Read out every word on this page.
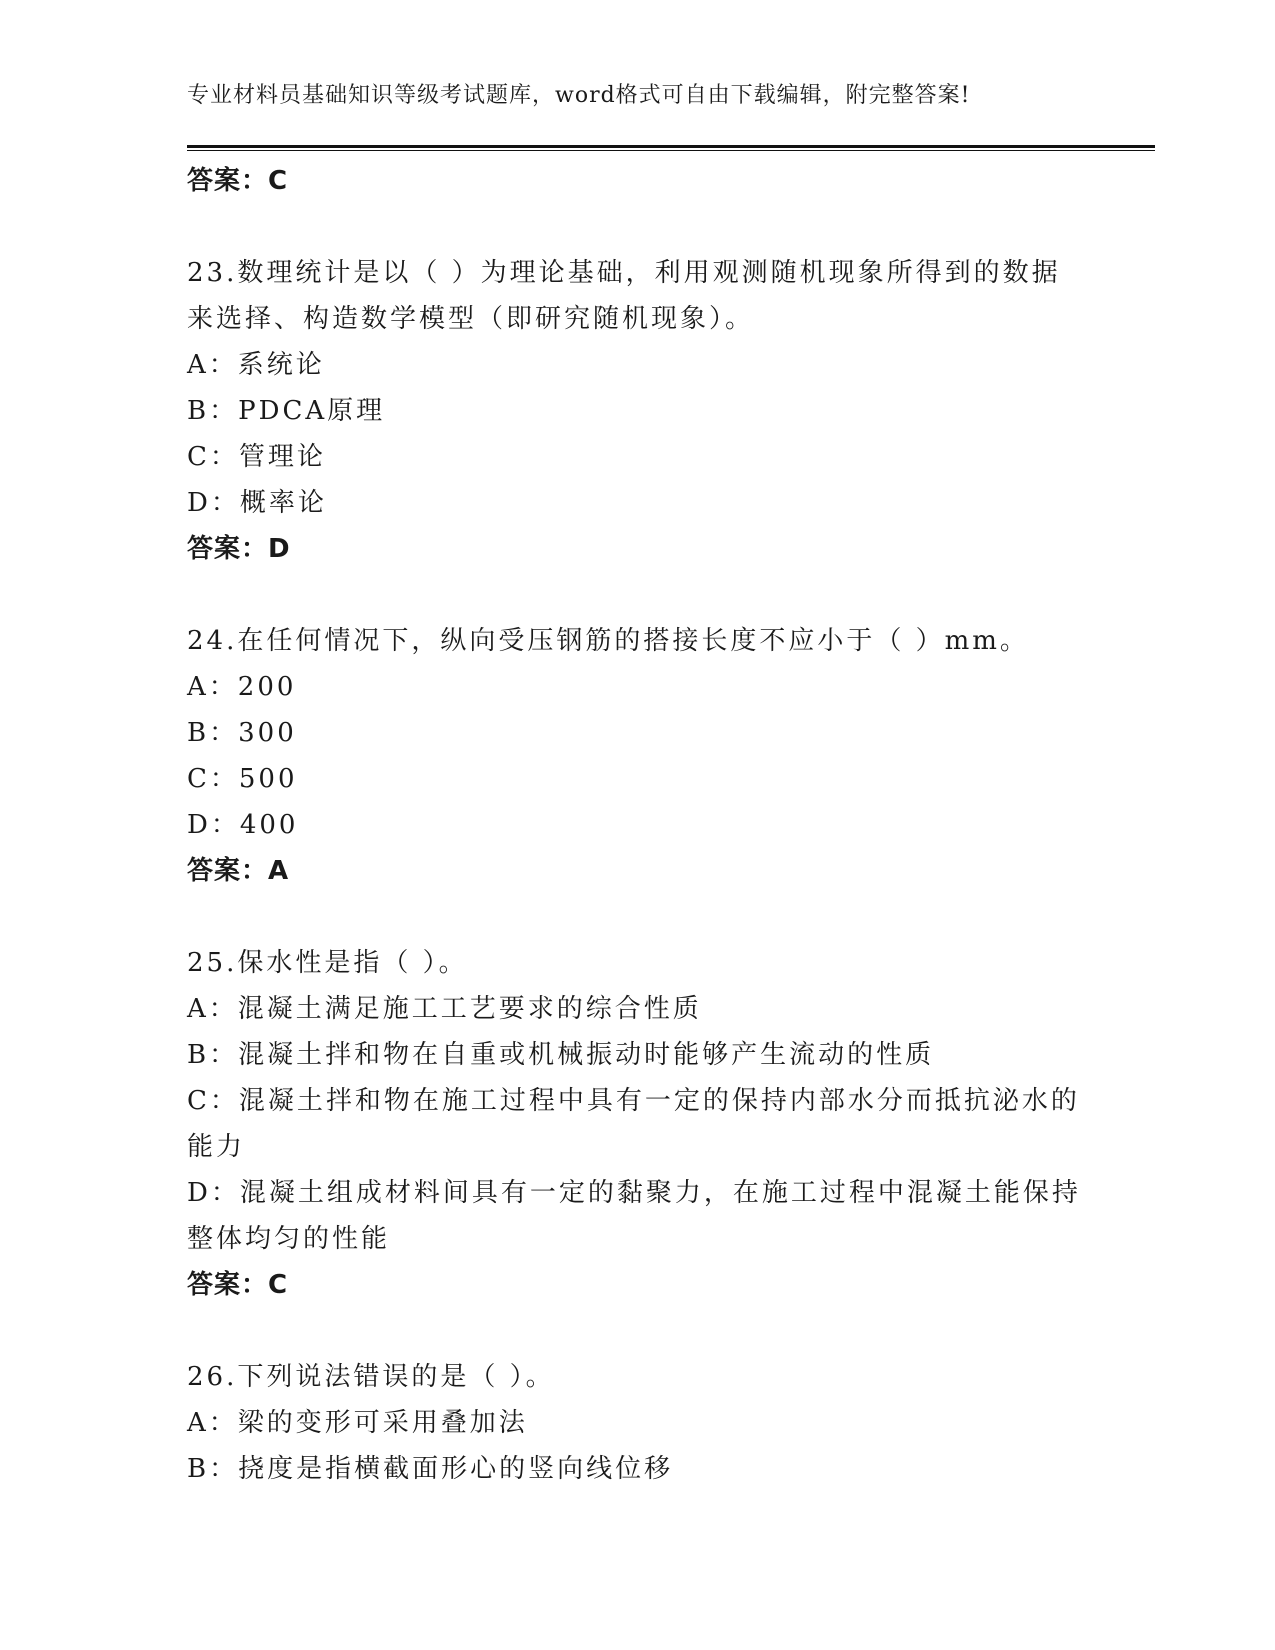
专业材料员基础知识等级考试题库，word格式可自由下载编辑，附完整答案!
答案：C

23.数理统计是以（ ）为理论基础，利用观测随机现象所得到的数据来选择、构造数学模型（即研究随机现象）。

A：系统论

B：PDCA原理

C：管理论

D：概率论

答案：D

24.在任何情况下，纵向受压钢筋的搭接长度不应小于（ ）mm。

A：200

B：300

C：500

D：400

答案：A

25.保水性是指（ ）。

A：混凝土满足施工工艺要求的综合性质

B：混凝土拌和物在自重或机械振动时能够产生流动的性质

C：混凝土拌和物在施工过程中具有一定的保持内部水分而抵抗泌水的能力

D：混凝土组成材料间具有一定的黏聚力，在施工过程中混凝土能保持整体均匀的性能

答案：C

26.下列说法错误的是（ ）。

A：梁的变形可采用叠加法

B：挠度是指横截面形心的竖向线位移
